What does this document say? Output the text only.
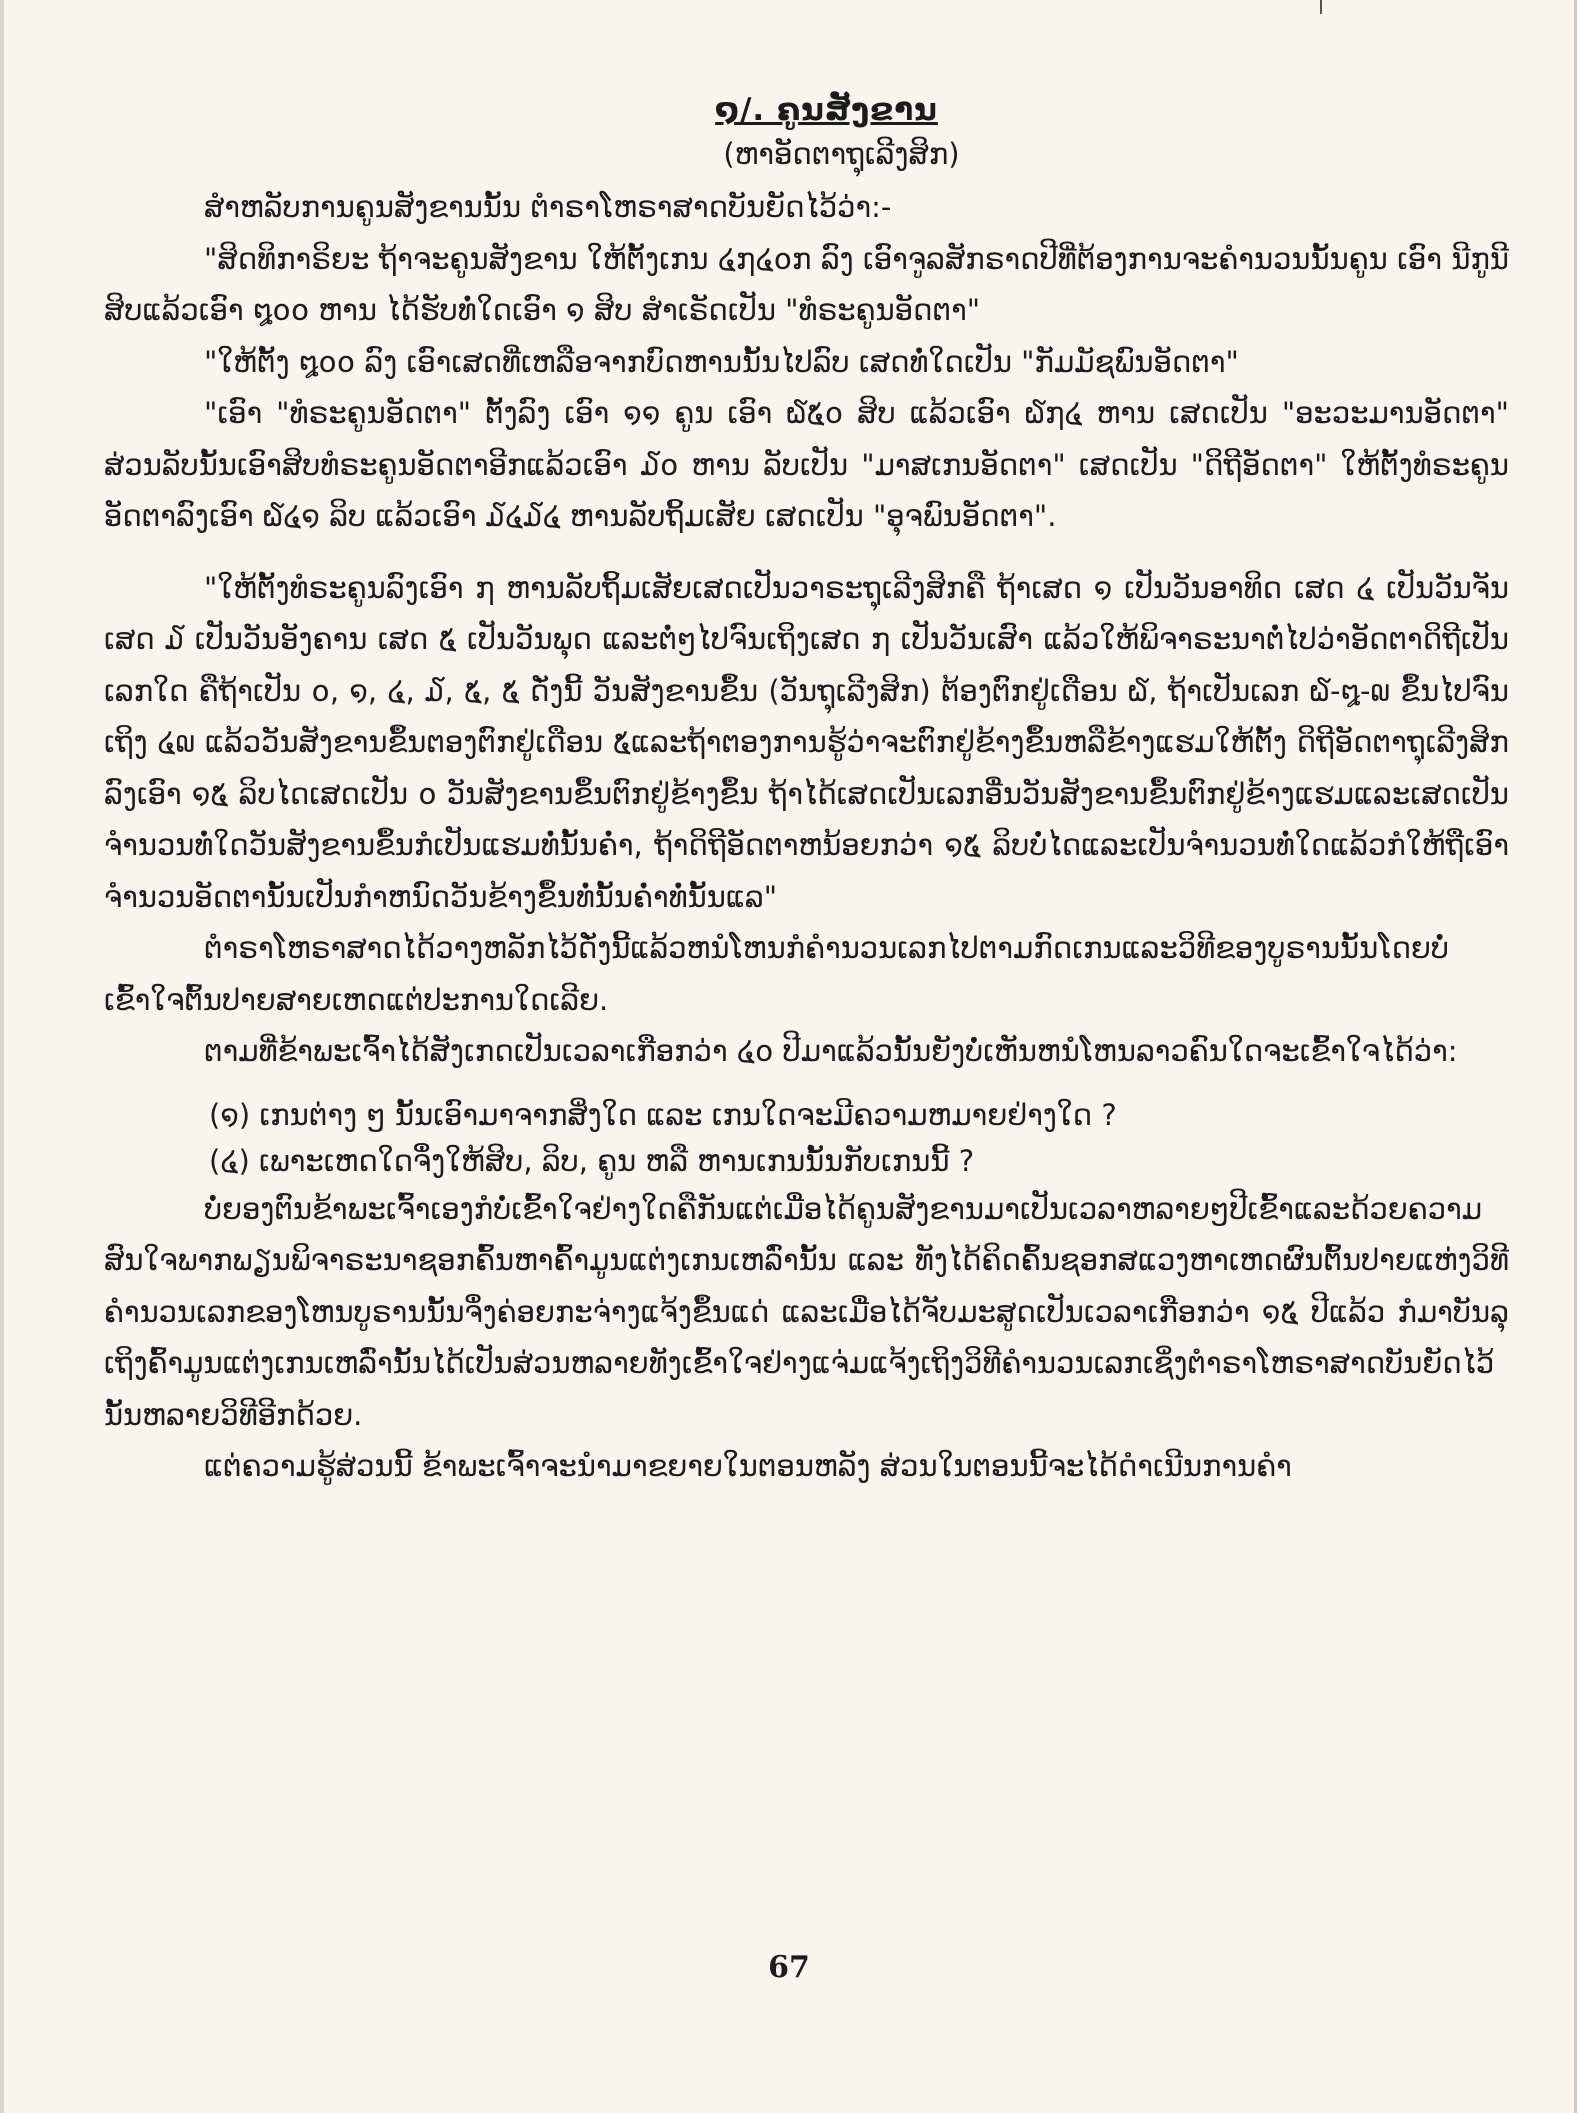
໑/. ຄູນສັງຂານ
(ຫາອັດຕາຖຸເລີງສິກ)

ສຳຫລັບການຄູນສັງຂານນັ້ນ ຕຳຣາໂຫຣາສາດບັນຍັດໄວ້ວ່າ:-

"ສິດທິກາຣິຍະ ຖ້າຈະຄູນສັງຂານ ໃຫ້ຕັ້ງເກນ ໔໗໔໐ກ ລົງ ເອົາຈູລສັກຣາດປີທີ່ຕ້ອງການຈະຄຳນວນນັ້ນຄູນ ເອົາ ນີກູນີ ສິບແລ້ວເອົາ ໘໐໐ ຫານ ໄດ້ຮັບທໍ່ໃດເອົາ ໑ ສິບ ສຳເຣັດເປັນ "ທໍຣະຄູນອັດຕາ"

"ໃຫ້ຕັ້ງ ໘໐໐ ລົງ ເອົາເສດທີ່ເຫລືອຈາກບົດຫານນັ້ນໄປລົບ ເສດທໍ່ໃດເປັນ "ກັມມັຊພົນອັດຕາ"

"ເອົາ "ທໍຣະຄູນອັດຕາ" ຕັ້ງລົງ ເອົາ ໑໑ ຄູນ ເອົາ ໖໕໐ ສິບ ແລ້ວເອົາ ໖໗໔ ຫານ ເສດເປັນ "ອະວະມານອັດຕາ" ສ່ວນລັບນັ້ນເອົາສິບທໍຣະຄູນອັດຕາອີກແລ້ວເອົາ ໓໐ ຫານ ລັບເປັນ "ມາສເກນອັດຕາ" ເສດເປັນ "ດິຖີອັດຕາ" ໃຫ້ຕັ້ງທໍຣະຄູນອັດຕາລົງເອົາ ໖໔໑ ລິບ ແລ້ວເອົາ ໓໔໓໔ ຫານລັບຖິ້ມເສັຍ ເສດເປັນ "ອຸຈພົນອັດຕາ".

"ໃຫ້ຕັ້ງທໍຣະຄູນລົງເອົາ ໗ ຫານລັບຖິ້ມເສັຍເສດເປັນວາຣະຖຸເລີງສິກຄື ຖ້າເສດ ໑ ເປັນວັນອາທິດ ເສດ ໔ ເປັນວັນຈັນ ເສດ ໓ ເປັນວັນອັງຄານ ເສດ ໕ ເປັນວັນພຸດ ແລະຕໍ່ໆໄປຈົນເຖິງເສດ ໗ ເປັນວັນເສົາ ແລ້ວໃຫ້ພິຈາຣະນາຕໍ່ໄປວ່າອັດຕາດິຖີເປັນເລກໃດ ຄືຖ້າເປັນ ໐, ໑, ໔, ໓, ໕, ໕ ດັ່ງນີ້ ວັນສັງຂານຂຶ້ນ (ວັນຖຸເລີງສິກ) ຕ້ອງຕົກຢູ່ເດືອນ ໖, ຖ້າເປັນເລກ ໖-໘-໙ ຂຶ້ນໄປຈົນເຖິງ ໔໙ ແລ້ວວັນສັງຂານຂຶ້ນຕອງຕົກຢູ່ເດືອນ ໕ແລະຖ້າຕອງການຮູ້ວ່າຈະຕົກຢູ່ຂ້າງຂຶ້ນຫລືຂ້າງແຮມໃຫ້ຕັ້ງ ດິຖີອັດຕາຖຸເລີງສິກລົງເອົາ ໑໕ ລິບໄດເສດເປັນ ໐ ວັນສັງຂານຂຶ້ນຕົກຢູ່ຂ້າງຂຶ້ນ ຖ້າໄດ້ເສດເປັນເລກອື່ນວັນສັງຂານຂຶ້ນຕົກຢູ່ຂ້າງແຮມແລະເສດເປັນຈຳນວນທໍ່ໃດວັນສັງຂານຂຶ້ນກໍເປັນແຮມທໍ່ນັ້ນຄ່ຳ, ຖ້າດິຖີອັດຕາຫນ້ອຍກວ່າ ໑໕ ລິບບໍ່ໄດແລະເປັນຈຳນວນທໍ່ໃດແລ້ວກໍໃຫ້ຖືເອົາຈຳນວນອັດຕານັ້ນເປັນກຳຫນົດວັນຂ້າງຂຶ້ນທໍ່ນັ້ນຄ່ຳທໍ່ນັ້ນແລ"

ຕຳຣາໂຫຣາສາດໄດ້ວາງຫລັກໄວ້ດັ່ງນີ້ແລ້ວຫນໍໂຫນກໍຄຳນວນເລກໄປຕາມກົດເກນແລະວິທີຂອງບູຣານນັ້ນໂດຍບໍ່ເຂົ້າໃຈຕົ້ນປາຍສາຍເຫດແຕ່ປະການໃດເລີຍ.

ຕາມທີ່ຂ້າພະເຈົ້າໄດ້ສັງເກດເປັນເວລາເກືອກວ່າ ໔໐ ປີມາແລ້ວນັ້ນຍັງບໍ່ເຫັນຫນໍໂຫນລາວຄົນໃດຈະເຂົ້າໃຈໄດ້ວ່າ:

(໑) ເກນຕ່າງ ໆ ນັ້ນເອົາມາຈາກສິ່ງໃດ ແລະ ເກນໃດຈະມີຄວາມຫມາຍຢ່າງໃດ ?

(໔) ເພາະເຫດໃດຈຶ່ງໃຫ້ສິບ, ລິບ, ຄູນ ຫລື ຫານເກນນັ້ນກັບເກນນີ້ ?

ບໍ່ຍອງຕົນຂ້າພະເຈົ້າເອງກໍບໍ່ເຂົ້າໃຈຢ່າງໃດຄືກັນແຕ່ເມື່ອໄດ້ຄູນສັງຂານມາເປັນເວລາຫລາຍໆປີເຂົ້າແລະດ້ວຍຄວາມສົນໃຈພາກພຽນພິຈາຣະນາຊອກຄົ້ນຫາຄ້ົາມູນແຕ່ງເກນເຫລົ່ານັ້ນ ແລະ ທັງໄດ້ຄິດຄົ້ນຊອກສແວງຫາເຫດຜົນຕົ້ນປາຍແຫ່ງວິທີຄຳນວນເລກຂອງໂຫນບູຣານນັ້ນຈຶ່ງຄ່ອຍກະຈ່າງແຈ້ງຂຶ້ນແດ່ ແລະເມື່ອໄດ້ຈັບມະສູດເປັນເວລາເກືອກວ່າ ໑໕ ປີແລ້ວ ກໍມາບັນລຸເຖິງຄ້ົາມູນແຕ່ງເກນເຫລົ່ານັ້ນໄດ້ເປັນສ່ວນຫລາຍທັງເຂົ້າໃຈຢ່າງແຈ່ມແຈ້ງເຖິງວິທີຄຳນວນເລກເຊິ່ງຕຳຣາໂຫຣາສາດບັນຍັດໄວ້ນັ້ນຫລາຍວິທີອີກດ້ວຍ.

ແຕ່ຄວາມຮູ້ສ່ວນນີ້ ຂ້າພະເຈົ້າຈະນຳມາຂຍາຍໃນຕອນຫລັງ ສ່ວນໃນຕອນນີ້ຈະໄດ້ດຳເນີນການຄຳ

67
